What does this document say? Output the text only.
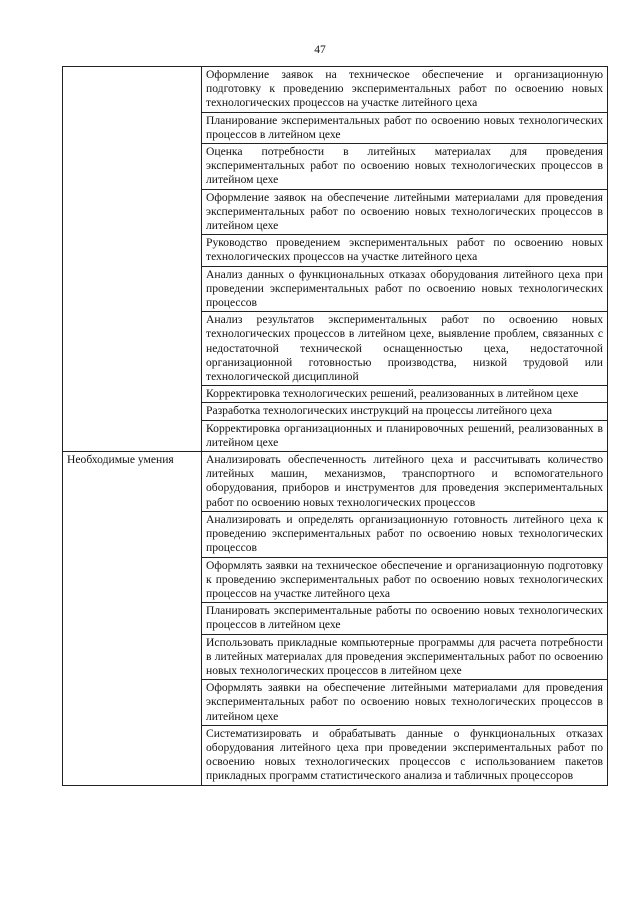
47
	Оформление заявок на техническое обеспечение и организационную подготовку к проведению экспериментальных работ по освоению новых технологических процессов на участке литейного цеха
	Планирование экспериментальных работ по освоению новых технологических процессов в литейном цехе
	Оценка потребности в литейных материалах для проведения экспериментальных работ по освоению новых технологических процессов в литейном цехе
	Оформление заявок на обеспечение литейными материалами для проведения экспериментальных работ по освоению новых технологических процессов в литейном цехе
	Руководство проведением экспериментальных работ по освоению новых технологических процессов на участке литейного цеха
	Анализ данных о функциональных отказах оборудования литейного цеха при проведении экспериментальных работ по освоению новых технологических процессов
	Анализ результатов экспериментальных работ по освоению новых технологических процессов в литейном цехе, выявление проблем, связанных с недостаточной технической оснащенностью цеха, недостаточной организационной готовностью производства, низкой трудовой или технологической дисциплиной
	Корректировка технологических решений, реализованных в литейном цехе
	Разработка технологических инструкций на процессы литейного цеха
	Корректировка организационных и планировочных решений, реализованных в литейном цехе
Необходимые умения	Анализировать обеспеченность литейного цеха и рассчитывать количество литейных машин, механизмов, транспортного и вспомогательного оборудования, приборов и инструментов для проведения экспериментальных работ по освоению новых технологических процессов
	Анализировать и определять организационную готовность литейного цеха к проведению экспериментальных работ по освоению новых технологических процессов
	Оформлять заявки на техническое обеспечение и организационную подготовку к проведению экспериментальных работ по освоению новых технологических процессов на участке литейного цеха
	Планировать экспериментальные работы по освоению новых технологических процессов в литейном цехе
	Использовать прикладные компьютерные программы для расчета потребности в литейных материалах для проведения экспериментальных работ по освоению новых технологических процессов в литейном цехе
	Оформлять заявки на обеспечение литейными материалами для проведения экспериментальных работ по освоению новых технологических процессов в литейном цехе
	Систематизировать и обрабатывать данные о функциональных отказах оборудования литейного цеха при проведении экспериментальных работ по освоению новых технологических процессов с использованием пакетов прикладных программ статистического анализа и табличных процессоров
